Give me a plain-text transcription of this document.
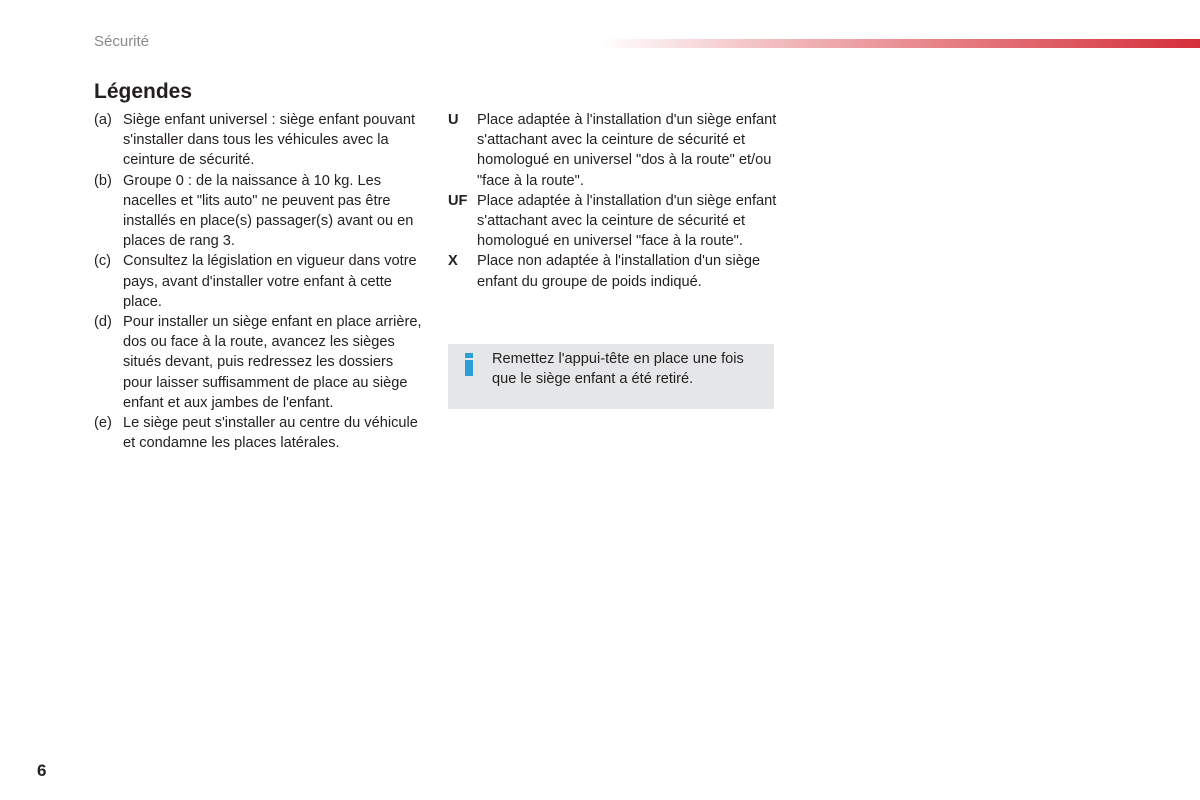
Sécurité
Légendes
(a) Siège enfant universel : siège enfant pouvant s'installer dans tous les véhicules avec la ceinture de sécurité.
(b) Groupe 0 : de la naissance à 10 kg. Les nacelles et "lits auto" ne peuvent pas être installés en place(s) passager(s) avant ou en places de rang 3.
(c) Consultez la législation en vigueur dans votre pays, avant d'installer votre enfant à cette place.
(d) Pour installer un siège enfant en place arrière, dos ou face à la route, avancez les sièges situés devant, puis redressez les dossiers pour laisser suffisamment de place au siège enfant et aux jambes de l'enfant.
(e) Le siège peut s'installer au centre du véhicule et condamne les places latérales.
U	Place adaptée à l'installation d'un siège enfant s'attachant avec la ceinture de sécurité et homologué en universel "dos à la route" et/ou "face à la route".
UF Place adaptée à l'installation d'un siège enfant s'attachant avec la ceinture de sécurité et homologué en universel "face à la route".
X	Place non adaptée à l'installation d'un siège enfant du groupe de poids indiqué.
Remettez l'appui-tête en place une fois que le siège enfant a été retiré.
6
